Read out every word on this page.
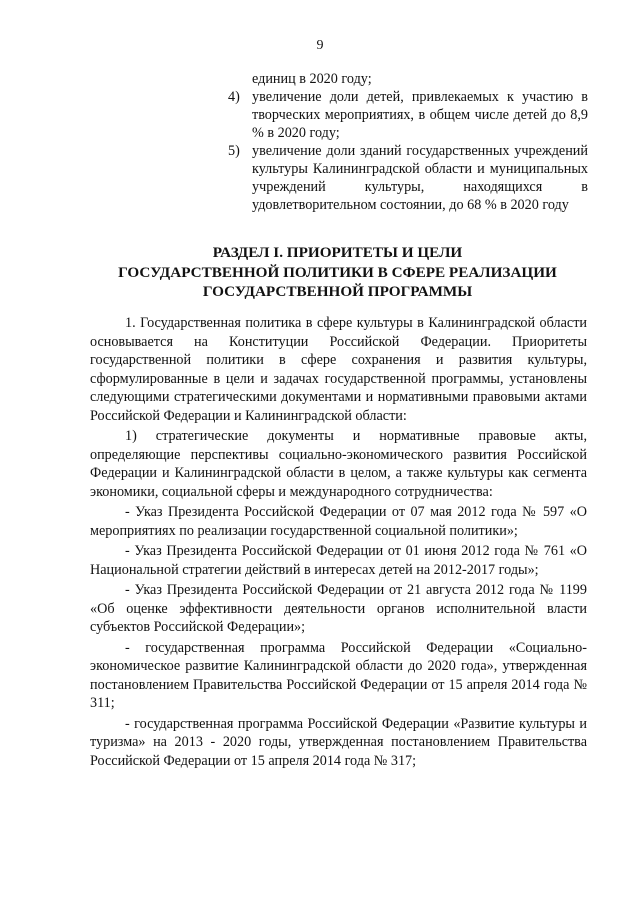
9
единиц в 2020 году;
4) увеличение доли детей, привлекаемых к участию в творческих мероприятиях, в общем числе детей до 8,9 % в 2020 году;
5) увеличение доли зданий государственных учреждений культуры Калининградской области и муниципальных учреждений культуры, находящихся в удовлетворительном состоянии, до 68 % в 2020 году
РАЗДЕЛ I. ПРИОРИТЕТЫ И ЦЕЛИ
ГОСУДАРСТВЕННОЙ ПОЛИТИКИ В СФЕРЕ РЕАЛИЗАЦИИ
ГОСУДАРСТВЕННОЙ ПРОГРАММЫ

1. Государственная политика в сфере культуры в Калининградской области основывается на Конституции Российской Федерации. Приоритеты государственной политики в сфере сохранения и развития культуры, сформулированные в цели и задачах государственной программы, установлены следующими стратегическими документами и нормативными правовыми актами Российской Федерации и Калининградской области:

1) стратегические документы и нормативные правовые акты, определяющие перспективы социально-экономического развития Российской Федерации и Калининградской области в целом, а также культуры как сегмента экономики, социальной сферы и международного сотрудничества:

- Указ Президента Российской Федерации от 07 мая 2012 года № 597 «О мероприятиях по реализации государственной социальной политики»;

- Указ Президента Российской Федерации от 01 июня 2012 года № 761 «О Национальной стратегии действий в интересах детей на 2012-2017 годы»;

- Указ Президента Российской Федерации от 21 августа 2012 года № 1199 «Об оценке эффективности деятельности органов исполнительной власти субъектов Российской Федерации»;

- государственная программа Российской Федерации «Социально-экономическое развитие Калининградской области до 2020 года», утвержденная постановлением Правительства Российской Федерации от 15 апреля 2014 года № 311;

- государственная программа Российской Федерации «Развитие культуры и туризма» на 2013 - 2020 годы, утвержденная постановлением Правительства Российской Федерации от 15 апреля 2014 года № 317;
